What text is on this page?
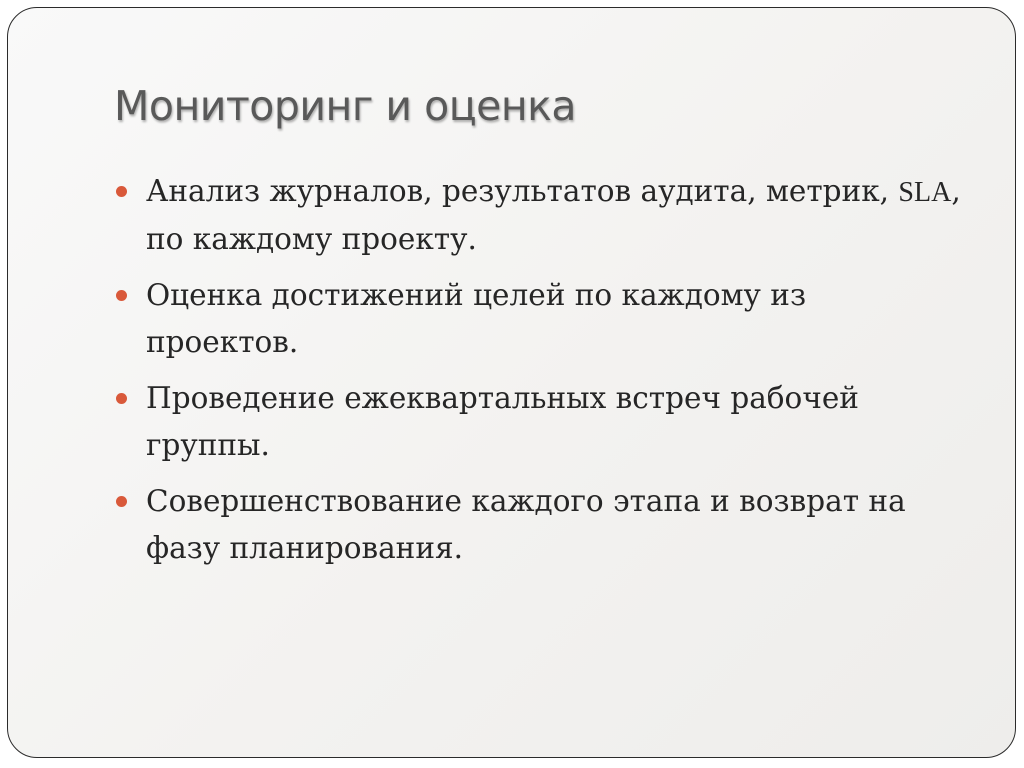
Мониторинг и оценка
Анализ журналов, результатов аудита, метрик, SLA, по каждому проекту.
Оценка достижений целей по каждому из проектов.
Проведение ежеквартальных встреч рабочей группы.
Совершенствование каждого этапа и возврат на фазу планирования.
